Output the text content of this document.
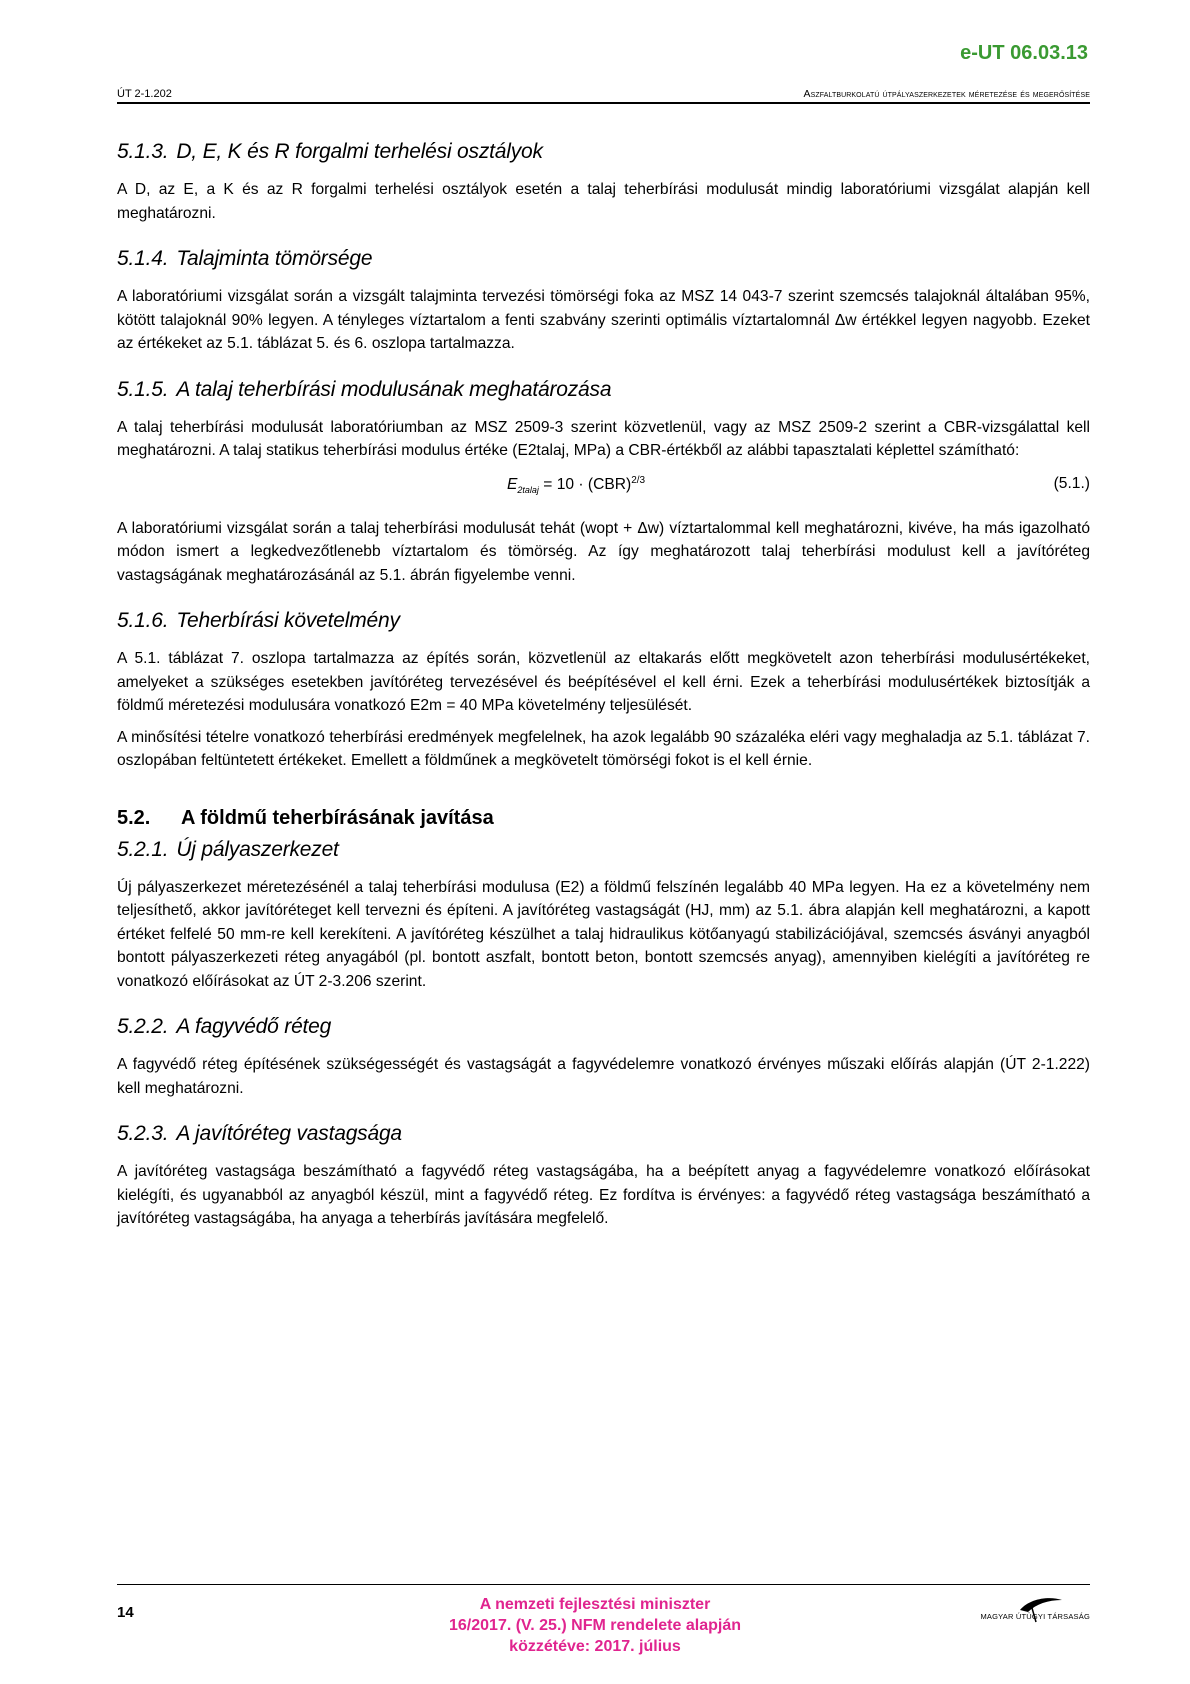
e-UT 06.03.13
ÚT 2-1.202	Aszfaltburkolatú útpályaszerkezetek méretezése és megerősítése
5.1.3. D, E, K és R forgalmi terhelési osztályok

A D, az E, a K és az R forgalmi terhelési osztályok esetén a talaj teherbírási modulusát mindig laboratóriumi vizsgálat alapján kell meghatározni.

5.1.4. Talajminta tömörsége

A laboratóriumi vizsgálat során a vizsgált talajminta tervezési tömörségi foka az MSZ 14 043-7 szerint szemcsés talajoknál általában 95%, kötött talajoknál 90% legyen. A tényleges víztartalom a fenti szabvány szerinti optimális víztartalomnál Δw értékkel legyen nagyobb. Ezeket az értékeket az 5.1. táblázat 5. és 6. oszlopa tartalmazza.

5.1.5. A talaj teherbírási modulusának meghatározása

A talaj teherbírási modulusát laboratóriumban az MSZ 2509-3 szerint közvetlenül, vagy az MSZ 2509-2 szerint a CBR-vizsgálattal kell meghatározni. A talaj statikus teherbírási modulus értéke (E2talaj, MPa) a CBR-értékből az alábbi tapasztalati képlettel számítható:

$E_{2talaj} = 10 \cdot (CBR)^{2/3}$	(5.1.)

A laboratóriumi vizsgálat során a talaj teherbírási modulusát tehát (wopt + Δw) víztartalommal kell meghatározni, kivéve, ha más igazolható módon ismert a legkedvezőtlenebb víztartalom és tömörség. Az így meghatározott talaj teherbírási modulust kell a javítóréteg vastagságának meghatározásánál az 5.1. ábrán figyelembe venni.

5.1.6. Teherbírási követelmény

A 5.1. táblázat 7. oszlopa tartalmazza az építés során, közvetlenül az eltakarás előtt megkövetelt azon teherbírási modulusértékeket, amelyeket a szükséges esetekben javítóréteg tervezésével és beépítésével el kell érni. Ezek a teherbírási modulusértékek biztosítják a földmű méretezési modulusára vonatkozó E2m = 40 MPa követelmény teljesülését.

A minősítési tételre vonatkozó teherbírási eredmények megfelelnek, ha azok legalább 90 százaléka eléri vagy meghaladja az 5.1. táblázat 7. oszlopában feltüntetett értékeket. Emellett a földműnek a megkövetelt tömörségi fokot is el kell érnie.

5.2. A földmű teherbírásának javítása
5.2.1. Új pályaszerkezet

Új pályaszerkezet méretezésénél a talaj teherbírási modulusa (E2) a földmű felszínén legalább 40 MPa legyen. Ha ez a követelmény nem teljesíthető, akkor javítóréteget kell tervezni és építeni. A javítóréteg vastagságát (HJ, mm) az 5.1. ábra alapján kell meghatározni, a kapott értéket felfelé 50 mm-re kell kerekíteni. A javítóréteg készülhet a talaj hidraulikus kötőanyagú stabilizációjával, szemcsés ásványi anyagból bontott pályaszerkezeti réteg anyagából (pl. bontott aszfalt, bontott beton, bontott szemcsés anyag), amennyiben kielégíti a javítóréteg re vonatkozó előírásokat az ÚT 2-3.206 szerint.

5.2.2. A fagyvédő réteg

A fagyvédő réteg építésének szükségességét és vastagságát a fagyvédelemre vonatkozó érvényes műszaki előírás alapján (ÚT 2-1.222) kell meghatározni.

5.2.3. A javítóréteg vastagsága

A javítóréteg vastagsága beszámítható a fagyvédő réteg vastagságába, ha a beépített anyag a fagyvédelemre vonatkozó előírásokat kielégíti, és ugyanabból az anyagból készül, mint a fagyvédő réteg. Ez fordítva is érvényes: a fagyvédő réteg vastagsága beszámítható a javítóréteg vastagságába, ha anyaga a teherbírás javítására megfelelő.

14	A nemzeti fejlesztési miniszter
16/2017. (V. 25.) NFM rendelete alapján
közzétéve: 2017. július
MAGYAR ÚTÜGYI TÁRSASÁG
